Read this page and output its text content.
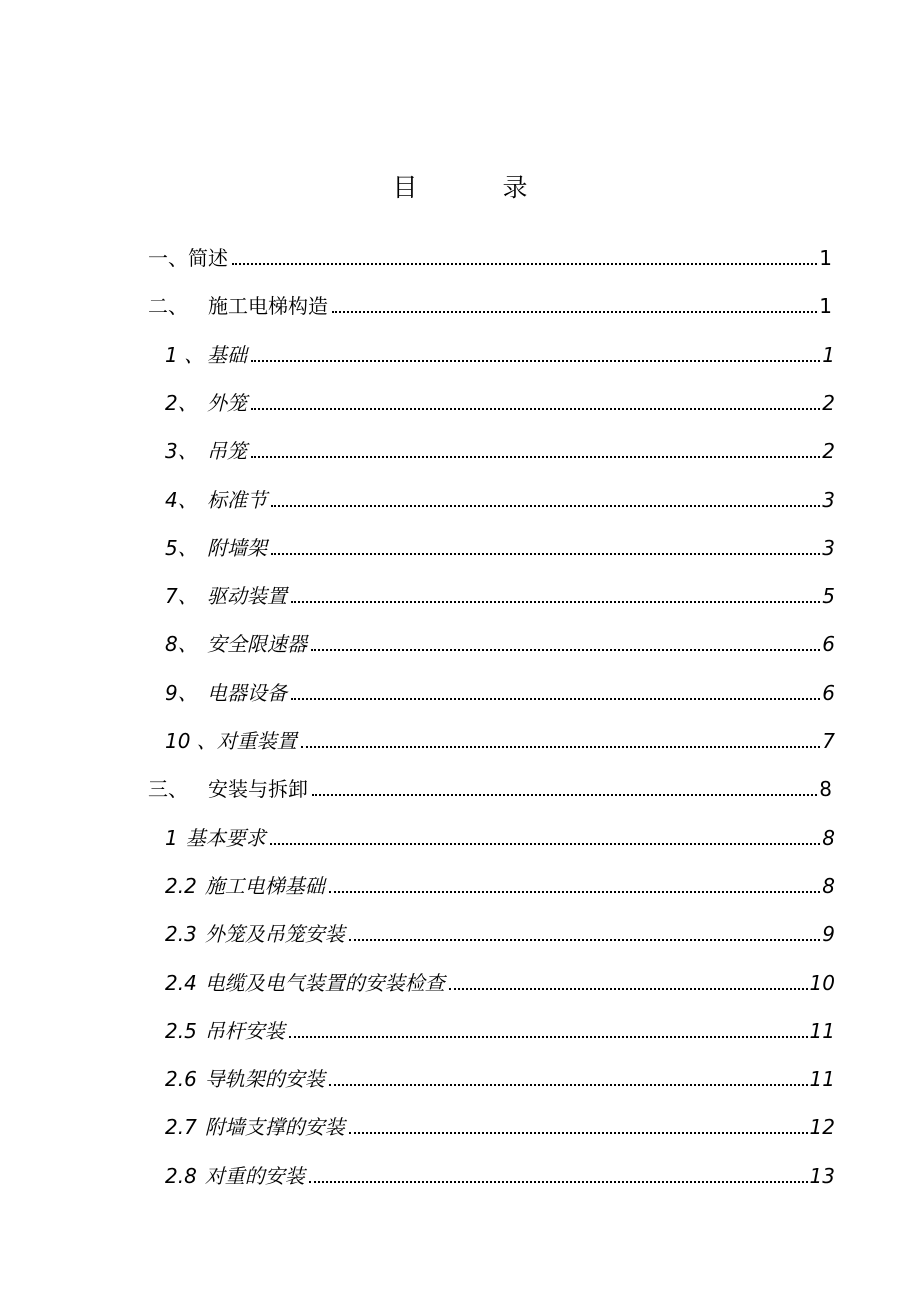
目　录
一、 简述	1
二、	施工电梯构造	1
1 、 基础	1
2、 外笼	2
3、 吊笼	2
4、 标准节	3
5、 附墙架	3
7、 驱动装置	5
8、 安全限速器	6
9、 电器设备	6
10 、 对重装置	7
三、	安装与拆卸	8
1 基本要求	8
2.2 施工电梯基础	8
2.3 外笼及吊笼安装	9
2.4 电缆及电气装置的安装检查	10
2.5 吊杆安装	11
2.6 导轨架的安装	11
2.7 附墙支撑的安装	12
2.8 对重的安装	13
